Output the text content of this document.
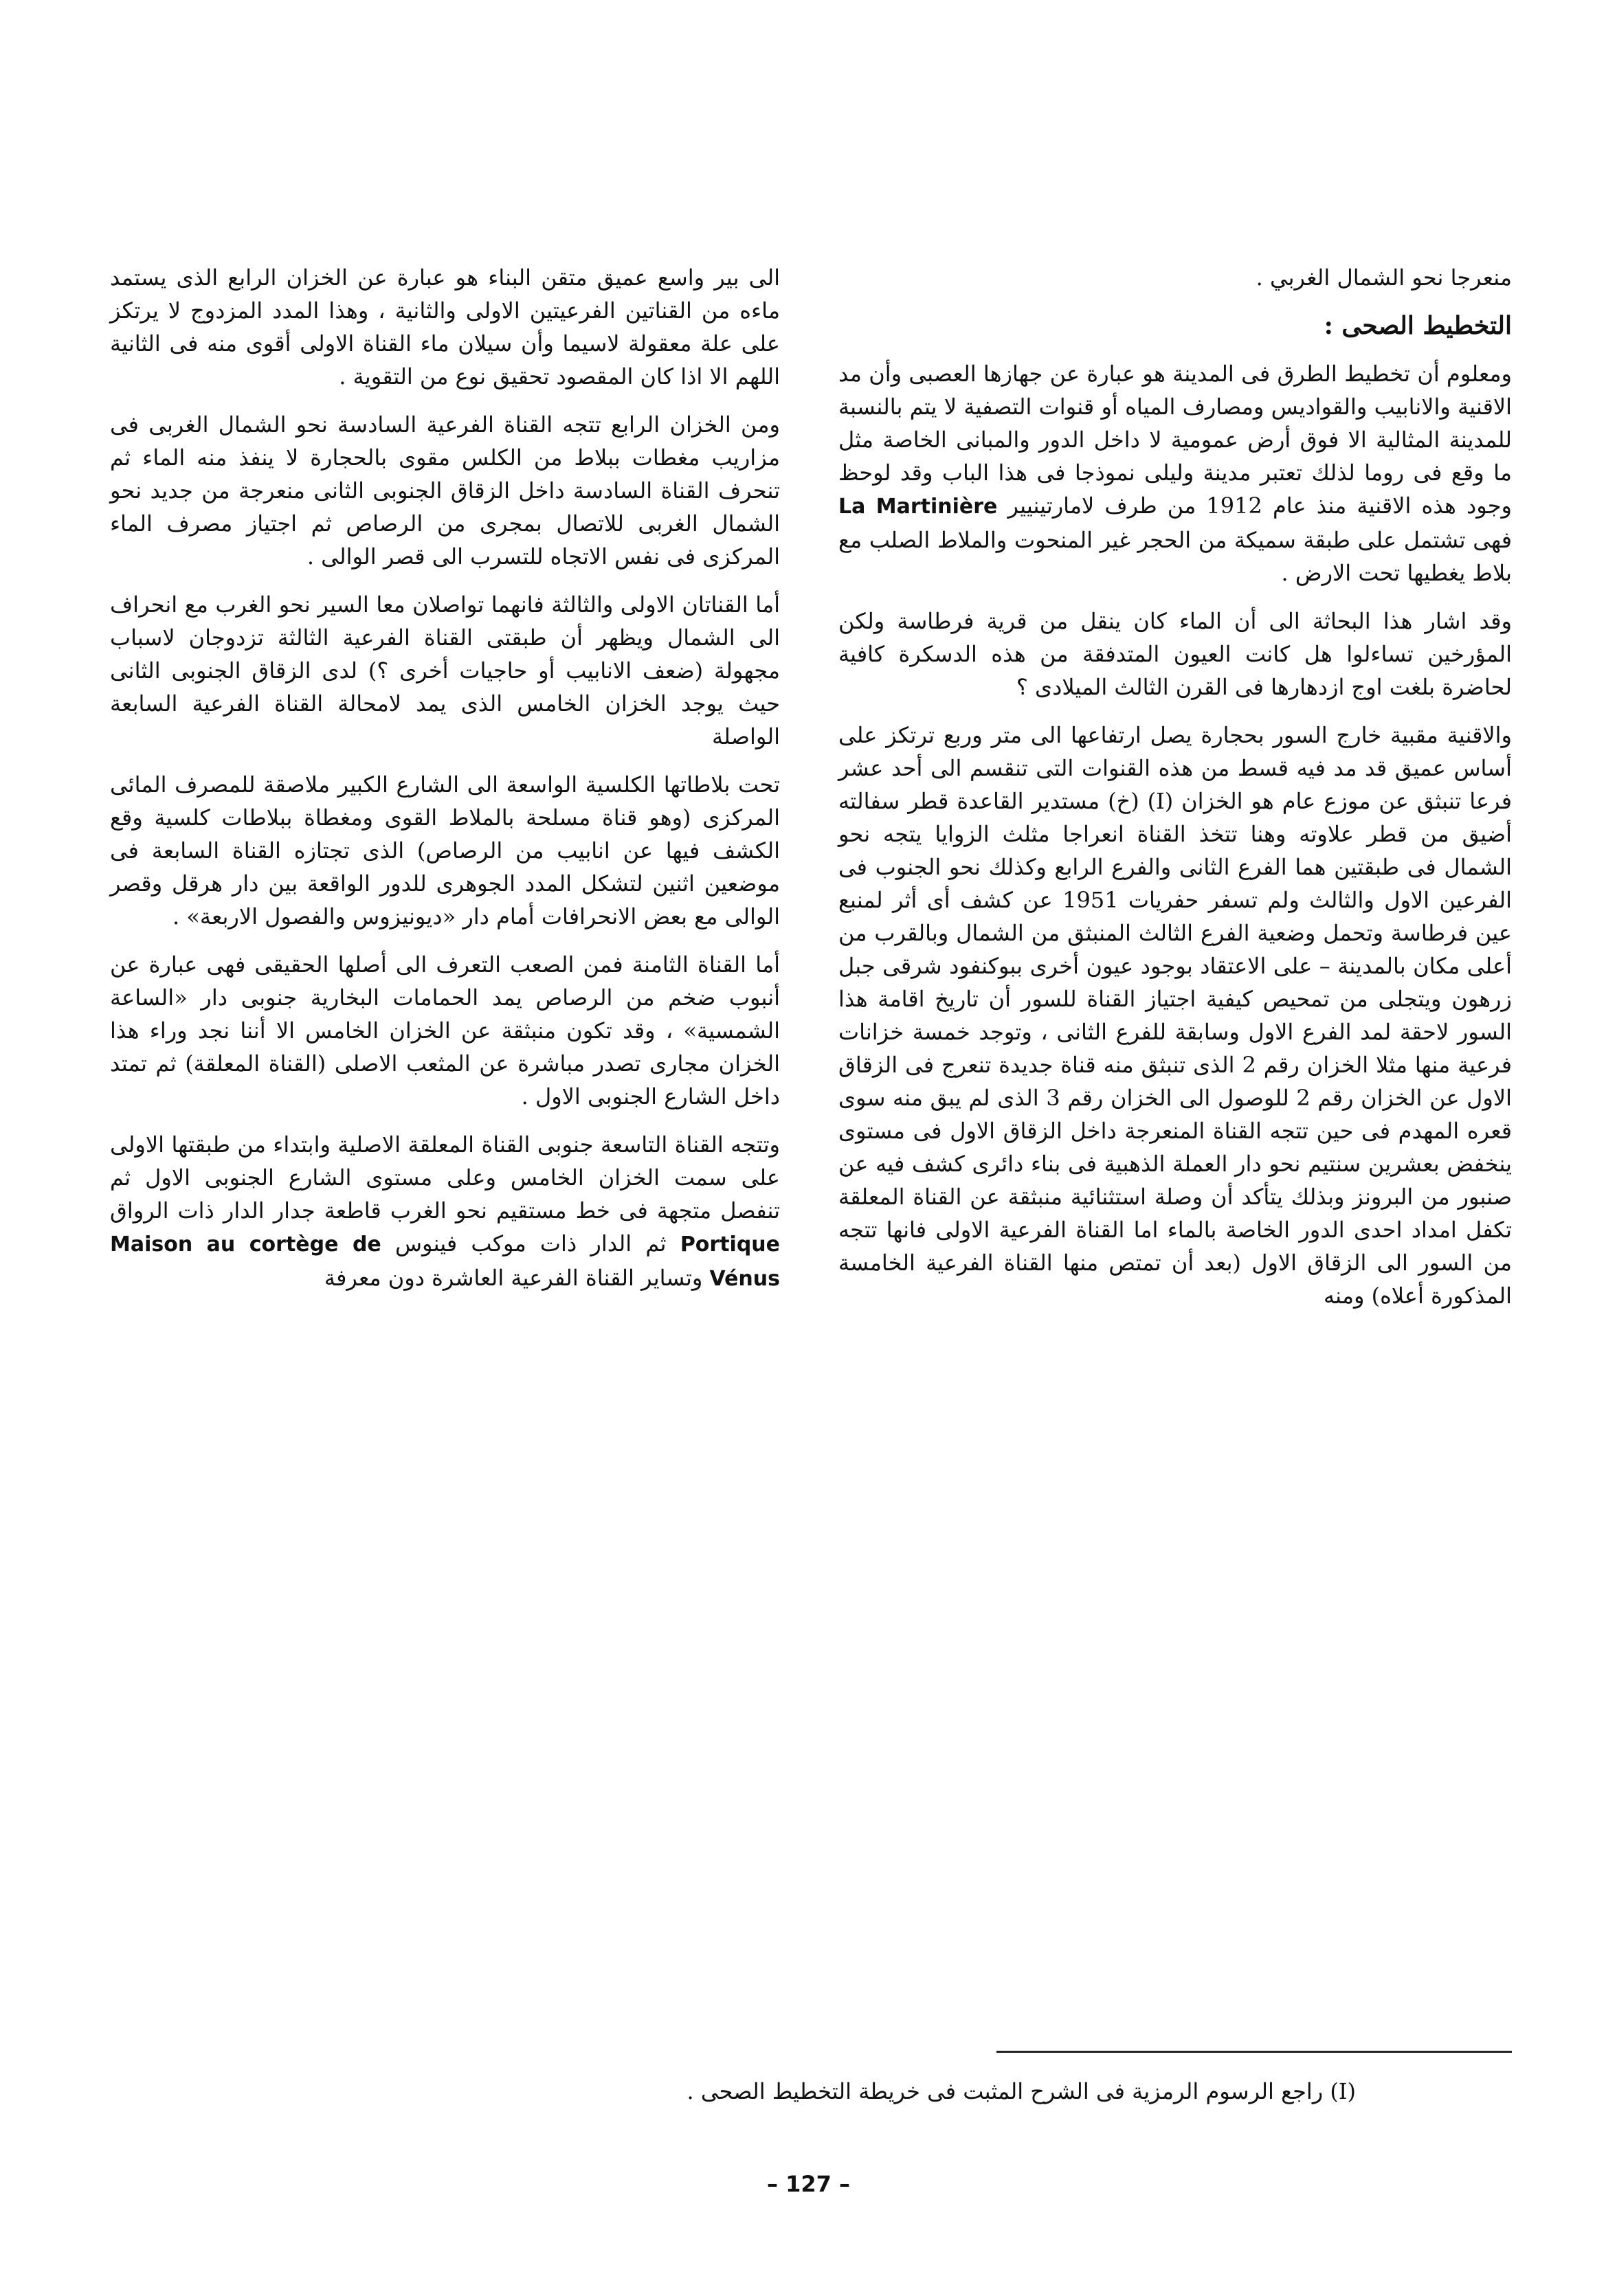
منعرجا نحو الشمال الغربي .

التخطيط الصحى :

ومعلوم أن تخطيط الطرق فى المدينة هو عبارة عن جهازها العصبى وأن مد الاقنية والانابيب والقواديس ومصارف المياه أو قنوات التصفية لا يتم بالنسبة للمدينة المثالية الا فوق أرض عمومية لا داخل الدور والمبانى الخاصة مثل ما وقع فى روما لذلك تعتبر مدينة وليلى نموذجا فى هذا الباب وقد لوحظ وجود هذه الاقنية منذ عام 1912 من طرف لامارتينيير La Martinière فهى تشتمل على طبقة سميكة من الحجر غير المنحوت والملاط الصلب مع بلاط يغطيها تحت الارض .

وقد اشار هذا البحاثة الى أن الماء كان ينقل من قرية فرطاسة ولكن المؤرخين تساءلوا هل كانت العيون المتدفقة من هذه الدسكرة كافية لحاضرة بلغت اوج ازدهارها فى القرن الثالث الميلادى ؟

والاقنية مقبية خارج السور بحجارة يصل ارتفاعها الى متر وربع ترتكز على أساس عميق قد مد فيه قسط من هذه القنوات التى تنقسم الى أحد عشر فرعا تنبثق عن موزع عام هو الخزان (I) (خ) مستدير القاعدة قطر سفالته أضيق من قطر علاوته وهنا تتخذ القناة انعراجا مثلث الزوايا يتجه نحو الشمال فى طبقتين هما الفرع الثانى والفرع الرابع وكذلك نحو الجنوب فى الفرعين الاول والثالث ولم تسفر حفريات 1951 عن كشف أى أثر لمنبع عين فرطاسة وتحمل وضعية الفرع الثالث المنبثق من الشمال وبالقرب من أعلى مكان بالمدينة – على الاعتقاد بوجود عيون أخرى ببوكنفود شرقى جبل زرهون ويتجلى من تمحيص كيفية اجتياز القناة للسور أن تاريخ اقامة هذا السور لاحقة لمد الفرع الاول وسابقة للفرع الثانى ، وتوجد خمسة خزانات فرعية منها مثلا الخزان رقم 2 الذى تنبثق منه قناة جديدة تنعرج فى الزقاق الاول عن الخزان رقم 2 للوصول الى الخزان رقم 3 الذى لم يبق منه سوى قعره المهدم فى حين تتجه القناة المنعرجة داخل الزقاق الاول فى مستوى ينخفض بعشرين سنتيم نحو دار العملة الذهبية فى بناء دائرى كشف فيه عن صنبور من البرونز وبذلك يتأكد أن وصلة استثنائية منبثقة عن القناة المعلقة تكفل امداد احدى الدور الخاصة بالماء اما القناة الفرعية الاولى فانها تتجه من السور الى الزقاق الاول (بعد أن تمتص منها القناة الفرعية الخامسة المذكورة أعلاه) ومنه

الى بير واسع عميق متقن البناء هو عبارة عن الخزان الرابع الذى يستمد ماءه من القناتين الفرعيتين الاولى والثانية ، وهذا المدد المزدوج لا يرتكز على علة معقولة لاسيما وأن سيلان ماء القناة الاولى أقوى منه فى الثانية اللهم الا اذا كان المقصود تحقيق نوع من التقوية .

ومن الخزان الرابع تتجه القناة الفرعية السادسة نحو الشمال الغربى فى مزاريب مغطات ببلاط من الكلس مقوى بالحجارة لا ينفذ منه الماء ثم تنحرف القناة السادسة داخل الزقاق الجنوبى الثانى منعرجة من جديد نحو الشمال الغربى للاتصال بمجرى من الرصاص ثم اجتياز مصرف الماء المركزى فى نفس الاتجاه للتسرب الى قصر الوالى .

أما القناتان الاولى والثالثة فانهما تواصلان معا السير نحو الغرب مع انحراف الى الشمال ويظهر أن طبقتى القناة الفرعية الثالثة تزدوجان لاسباب مجهولة (ضعف الانابيب أو حاجيات أخرى ؟) لدى الزقاق الجنوبى الثانى حيث يوجد الخزان الخامس الذى يمد لامحالة القناة الفرعية السابعة الواصلة

تحت بلاطاتها الكلسية الواسعة الى الشارع الكبير ملاصقة للمصرف المائى المركزى (وهو قناة مسلحة بالملاط القوى ومغطاة ببلاطات كلسية وقع الكشف فيها عن انابيب من الرصاص) الذى تجتازه القناة السابعة فى موضعين اثنين لتشكل المدد الجوهرى للدور الواقعة بين دار هرقل وقصر الوالى مع بعض الانحرافات أمام دار «ديونيزوس والفصول الاربعة» .

أما القناة الثامنة فمن الصعب التعرف الى أصلها الحقيقى فهى عبارة عن أنبوب ضخم من الرصاص يمد الحمامات البخارية جنوبى دار «الساعة الشمسية» ، وقد تكون منبثقة عن الخزان الخامس الا أننا نجد وراء هذا الخزان مجارى تصدر مباشرة عن المثعب الاصلى (القناة المعلقة) ثم تمتد داخل الشارع الجنوبى الاول .

وتتجه القناة التاسعة جنوبى القناة المعلقة الاصلية وابتداء من طبقتها الاولى على سمت الخزان الخامس وعلى مستوى الشارع الجنوبى الاول ثم تنفصل متجهة فى خط مستقيم نحو الغرب قاطعة جدار الدار ذات الرواق Portique ثم الدار ذات موكب فينوس Maison au cortège de Vénus وتساير القناة الفرعية العاشرة دون معرفة

(I) راجع الرسوم الرمزية فى الشرح المثبت فى خريطة التخطيط الصحى .
– 127 –
